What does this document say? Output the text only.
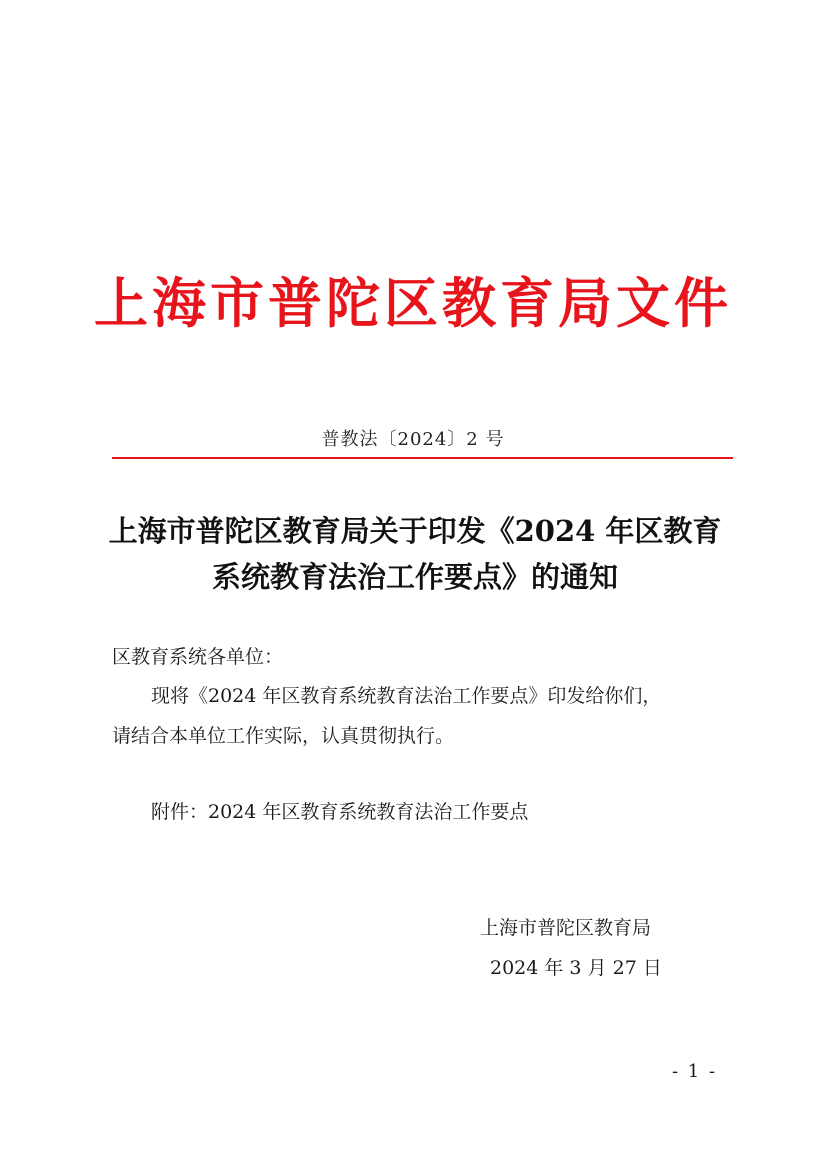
上海市普陀区教育局文件
普教法〔2024〕2 号
上海市普陀区教育局关于印发《2024 年区教育
系统教育法治工作要点》的通知
区教育系统各单位：
现将《2024 年区教育系统教育法治工作要点》印发给你们，
请结合本单位工作实际，认真贯彻执行。
附件：2024 年区教育系统教育法治工作要点
上海市普陀区教育局
2024 年 3 月 27 日
- 1 -
